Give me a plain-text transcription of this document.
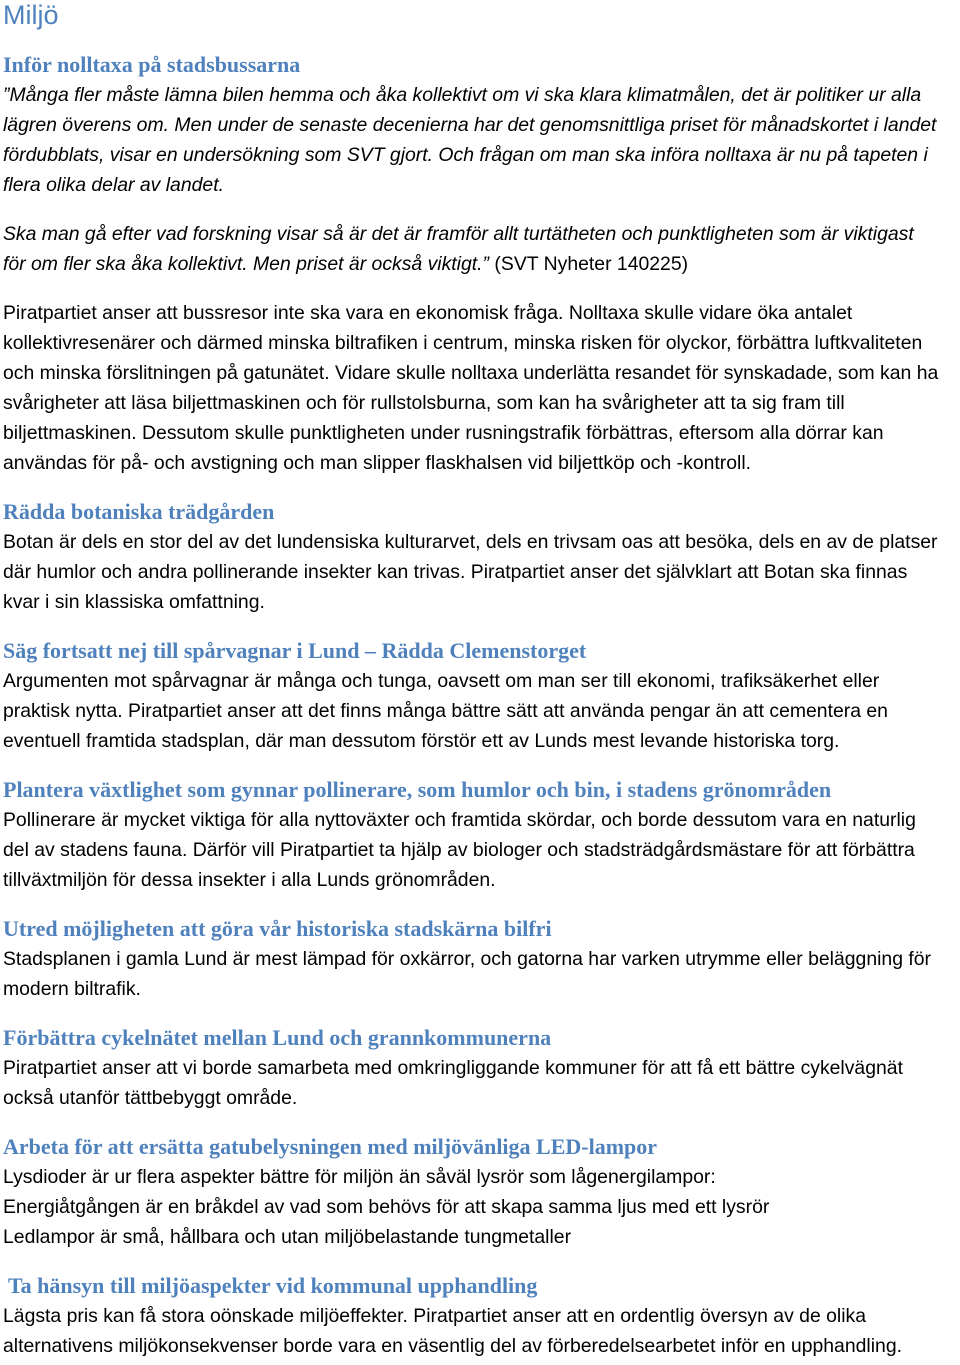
Miljö
Inför nolltaxa på stadsbussarna
”Många fler måste lämna bilen hemma och åka kollektivt om vi ska klara klimatmålen, det är politiker ur alla
lägren överens om. Men under de senaste decenierna har det genomsnittliga priset för månadskortet i landet
fördubblats, visar en undersökning som SVT gjort. Och frågan om man ska införa nolltaxa är nu på tapeten i
flera olika delar av landet.
Ska man gå efter vad forskning visar så är det är framför allt turtätheten och punktligheten som är viktigast
för om fler ska åka kollektivt. Men priset är också viktigt.” (SVT Nyheter 140225)
Piratpartiet anser att bussresor inte ska vara en ekonomisk fråga. Nolltaxa skulle vidare öka antalet
kollektivresenärer och därmed minska biltrafiken i centrum, minska risken för olyckor, förbättra luftkvaliteten
och minska förslitningen på gatunätet. Vidare skulle nolltaxa underlätta resandet för synskadade, som kan ha
svårigheter att läsa biljettmaskinen och för rullstolsburna, som kan ha svårigheter att ta sig fram till
biljettmaskinen. Dessutom skulle punktligheten under rusningstrafik förbättras, eftersom alla dörrar kan
användas för på- och avstigning och man slipper flaskhalsen vid biljettköp och -kontroll.
Rädda botaniska trädgården
Botan är dels en stor del av det lundensiska kulturarvet, dels en trivsam oas att besöka, dels en av de platser
där humlor och andra pollinerande insekter kan trivas. Piratpartiet anser det självklart att Botan ska finnas
kvar i sin klassiska omfattning.
Säg fortsatt nej till spårvagnar i Lund – Rädda Clemenstorget
Argumenten mot spårvagnar är många och tunga, oavsett om man ser till ekonomi, trafiksäkerhet eller
praktisk nytta. Piratpartiet anser att det finns många bättre sätt att använda pengar än att cementera en
eventuell framtida stadsplan, där man dessutom förstör ett av Lunds mest levande historiska torg.
Plantera växtlighet som gynnar pollinerare, som humlor och bin, i stadens grönområden
Pollinerare är mycket viktiga för alla nyttoväxter och framtida skördar, och borde dessutom vara en naturlig
del av stadens fauna. Därför vill Piratpartiet ta hjälp av biologer och stadsträdgårdsmästare för att förbättra
tillväxtmiljön för dessa insekter i alla Lunds grönområden.
Utred möjligheten att göra vår historiska stadskärna bilfri
Stadsplanen i gamla Lund är mest lämpad för oxkärror, och gatorna har varken utrymme eller beläggning för
modern biltrafik.
Förbättra cykelnätet mellan Lund och grannkommunerna
Piratpartiet anser att vi borde samarbeta med omkringliggande kommuner för att få ett bättre cykelvägnät
också utanför tättbebyggt område.
Arbeta för att ersätta gatubelysningen med miljövänliga LED-lampor
Lysdioder är ur flera aspekter bättre för miljön än såväl lysrör som lågenergilampor:
Energiåtgången är en bråkdel av vad som behövs för att skapa samma ljus med ett lysrör
Ledlampor är små, hållbara och utan miljöbelastande tungmetaller
Ta hänsyn till miljöaspekter vid kommunal upphandling
Lägsta pris kan få stora oönskade miljöeffekter. Piratpartiet anser att en ordentlig översyn av de olika
alternativens miljökonsekvenser borde vara en väsentlig del av förberedelsearbetet inför en upphandling.
